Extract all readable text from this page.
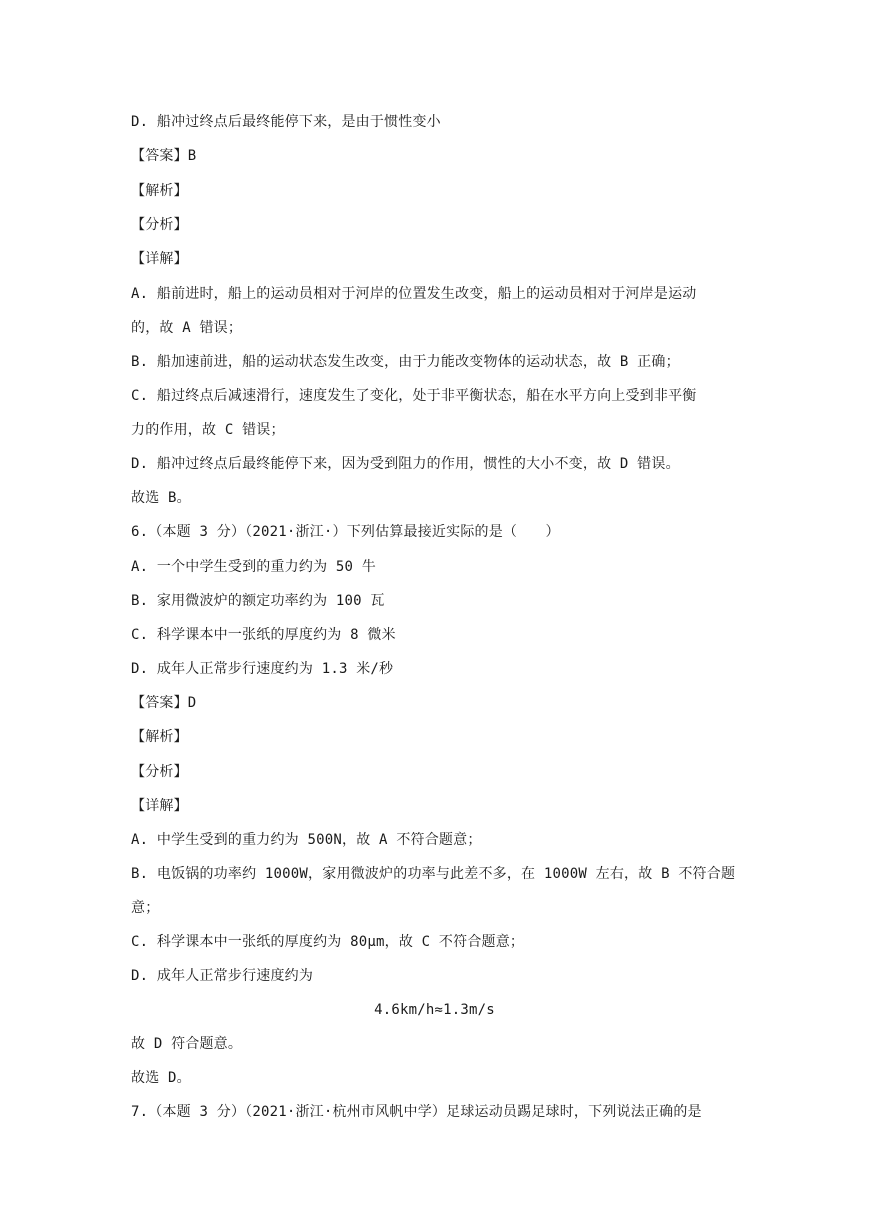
D. 船冲过终点后最终能停下来，是由于惯性变小
【答案】B
【解析】
【分析】
【详解】
A. 船前进时，船上的运动员相对于河岸的位置发生改变，船上的运动员相对于河岸是运动
的，故 A 错误；
B. 船加速前进，船的运动状态发生改变，由于力能改变物体的运动状态，故 B 正确；
C. 船过终点后减速滑行，速度发生了变化，处于非平衡状态，船在水平方向上受到非平衡
力的作用，故 C 错误；
D. 船冲过终点后最终能停下来，因为受到阻力的作用，惯性的大小不变，故 D 错误。
故选 B。
6.（本题 3 分）（2021·浙江·）下列估算最接近实际的是（　　）
A. 一个中学生受到的重力约为 50 牛
B. 家用微波炉的额定功率约为 100 瓦
C. 科学课本中一张纸的厚度约为 8 微米
D. 成年人正常步行速度约为 1.3 米/秒
【答案】D
【解析】
【分析】
【详解】
A. 中学生受到的重力约为 500N，故 A 不符合题意；
B. 电饭锅的功率约 1000W，家用微波炉的功率与此差不多，在 1000W 左右，故 B 不符合题
意；
C. 科学课本中一张纸的厚度约为 80μm，故 C 不符合题意；
D. 成年人正常步行速度约为
4.6km/h≈1.3m/s
故 D 符合题意。
故选 D。
7.（本题 3 分）（2021·浙江·杭州市风帆中学）足球运动员踢足球时，下列说法正确的是
